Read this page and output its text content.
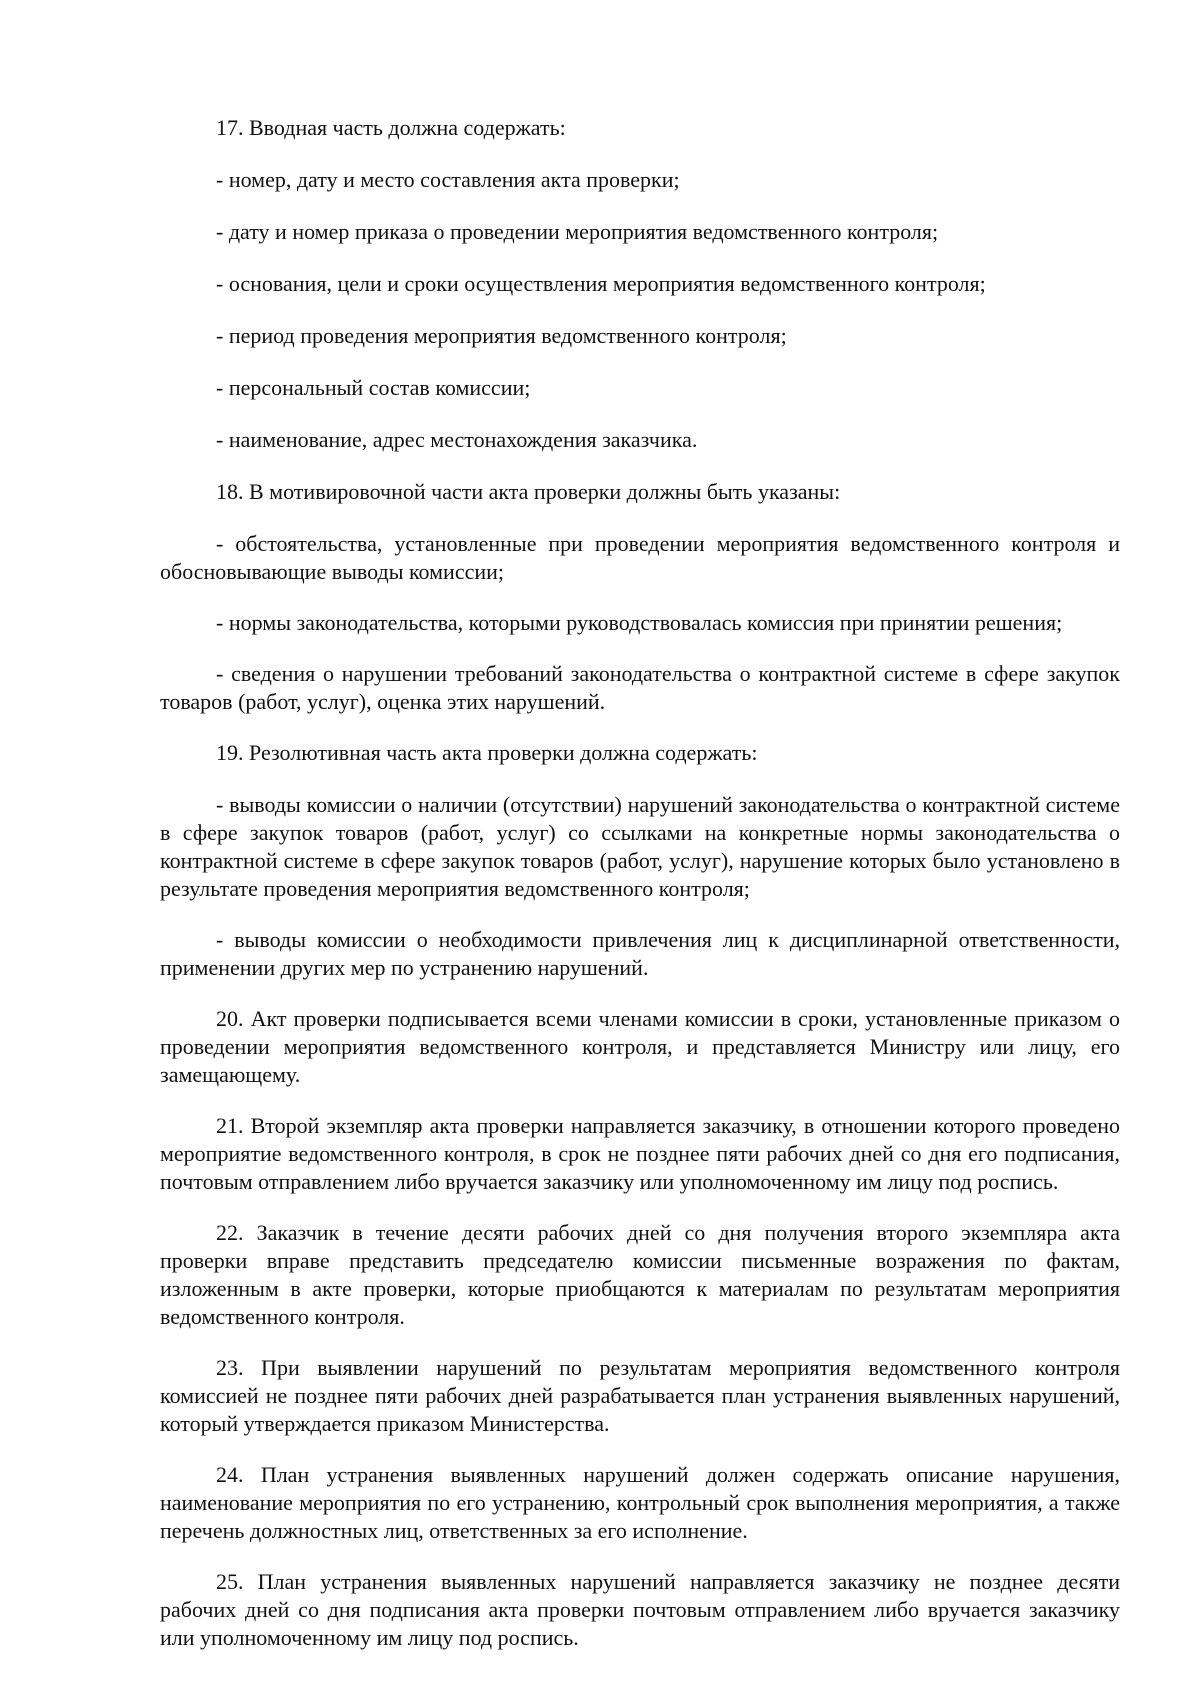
17. Вводная часть должна содержать:

- номер, дату и место составления акта проверки;

- дату и номер приказа о проведении мероприятия ведомственного контроля;

- основания, цели и сроки осуществления мероприятия ведомственного контроля;

- период проведения мероприятия ведомственного контроля;

- персональный состав комиссии;

- наименование, адрес местонахождения заказчика.

18. В мотивировочной части акта проверки должны быть указаны:

- обстоятельства, установленные при проведении мероприятия ведомственного контроля и обосновывающие выводы комиссии;

- нормы законодательства, которыми руководствовалась комиссия при принятии решения;

- сведения о нарушении требований законодательства о контрактной системе в сфере закупок товаров (работ, услуг), оценка этих нарушений.

19. Резолютивная часть акта проверки должна содержать:

- выводы комиссии о наличии (отсутствии) нарушений законодательства о контрактной системе в сфере закупок товаров (работ, услуг) со ссылками на конкретные нормы законодательства о контрактной системе в сфере закупок товаров (работ, услуг), нарушение которых было установлено в результате проведения мероприятия ведомственного контроля;

- выводы комиссии о необходимости привлечения лиц к дисциплинарной ответственности, применении других мер по устранению нарушений.

20. Акт проверки подписывается всеми членами комиссии в сроки, установленные приказом о проведении мероприятия ведомственного контроля, и представляется Министру или лицу, его замещающему.

21. Второй экземпляр акта проверки направляется заказчику, в отношении которого проведено мероприятие ведомственного контроля, в срок не позднее пяти рабочих дней со дня его подписания, почтовым отправлением либо вручается заказчику или уполномоченному им лицу под роспись.

22. Заказчик в течение десяти рабочих дней со дня получения второго экземпляра акта проверки вправе представить председателю комиссии письменные возражения по фактам, изложенным в акте проверки, которые приобщаются к материалам по результатам мероприятия ведомственного контроля.

23. При выявлении нарушений по результатам мероприятия ведомственного контроля комиссией не позднее пяти рабочих дней разрабатывается план устранения выявленных нарушений, который утверждается приказом Министерства.

24. План устранения выявленных нарушений должен содержать описание нарушения, наименование мероприятия по его устранению, контрольный срок выполнения мероприятия, а также перечень должностных лиц, ответственных за его исполнение.

25. План устранения выявленных нарушений направляется заказчику не позднее десяти рабочих дней со дня подписания акта проверки почтовым отправлением либо вручается заказчику или уполномоченному им лицу под роспись.
